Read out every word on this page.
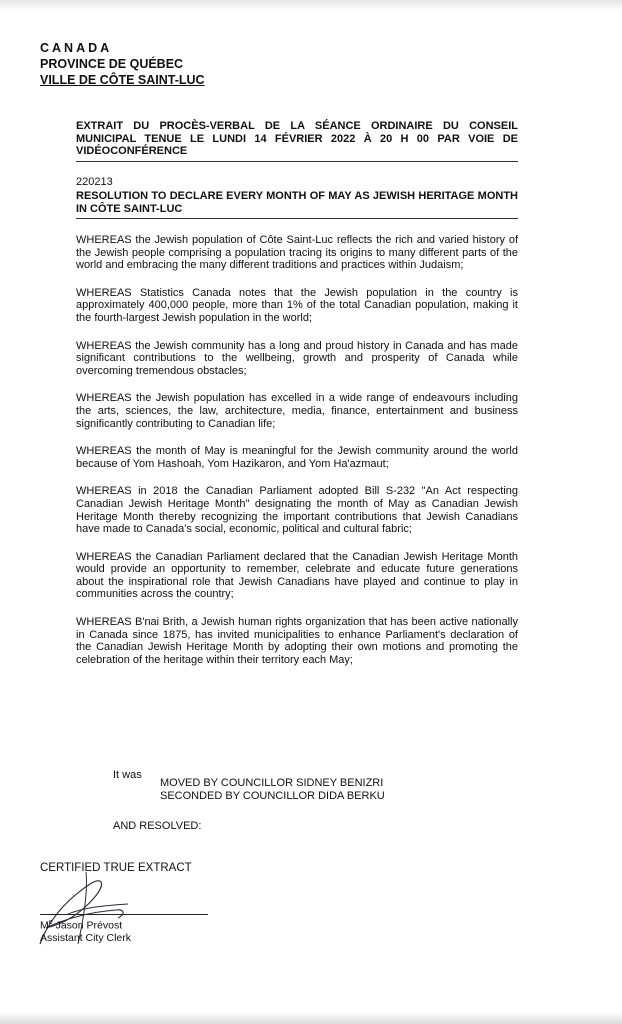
CANADA
PROVINCE DE QUÉBEC
VILLE DE CÔTE SAINT-LUC
EXTRAIT DU PROCÈS-VERBAL DE LA SÉANCE ORDINAIRE DU CONSEIL MUNICIPAL TENUE LE LUNDI 14 FÉVRIER 2022 À 20 H 00 PAR VOIE DE VIDÉOCONFÉRENCE
220213
RESOLUTION TO DECLARE EVERY MONTH OF MAY AS JEWISH HERITAGE MONTH IN CÔTE SAINT-LUC

WHEREAS the Jewish population of Côte Saint-Luc reflects the rich and varied history of the Jewish people comprising a population tracing its origins to many different parts of the world and embracing the many different traditions and practices within Judaism;

WHEREAS Statistics Canada notes that the Jewish population in the country is approximately 400,000 people, more than 1% of the total Canadian population, making it the fourth-largest Jewish population in the world;

WHEREAS the Jewish community has a long and proud history in Canada and has made significant contributions to the wellbeing, growth and prosperity of Canada while overcoming tremendous obstacles;

WHEREAS the Jewish population has excelled in a wide range of endeavours including the arts, sciences, the law, architecture, media, finance, entertainment and business significantly contributing to Canadian life;

WHEREAS the month of May is meaningful for the Jewish community around the world because of Yom Hashoah, Yom Hazikaron, and Yom Ha'azmaut;

WHEREAS in 2018 the Canadian Parliament adopted Bill S-232 "An Act respecting Canadian Jewish Heritage Month" designating the month of May as Canadian Jewish Heritage Month thereby recognizing the important contributions that Jewish Canadians have made to Canada's social, economic, political and cultural fabric;

WHEREAS the Canadian Parliament declared that the Canadian Jewish Heritage Month would provide an opportunity to remember, celebrate and educate future generations about the inspirational role that Jewish Canadians have played and continue to play in communities across the country;

WHEREAS B'nai Brith, a Jewish human rights organization that has been active nationally in Canada since 1875, has invited municipalities to enhance Parliament's declaration of the Canadian Jewish Heritage Month by adopting their own motions and promoting the celebration of the heritage within their territory each May;

It was
MOVED BY COUNCILLOR SIDNEY BENIZRI
SECONDED BY COUNCILLOR DIDA BERKU
AND RESOLVED:
CERTIFIED TRUE EXTRACT
Me Jason Prévost
Assistant City Clerk
